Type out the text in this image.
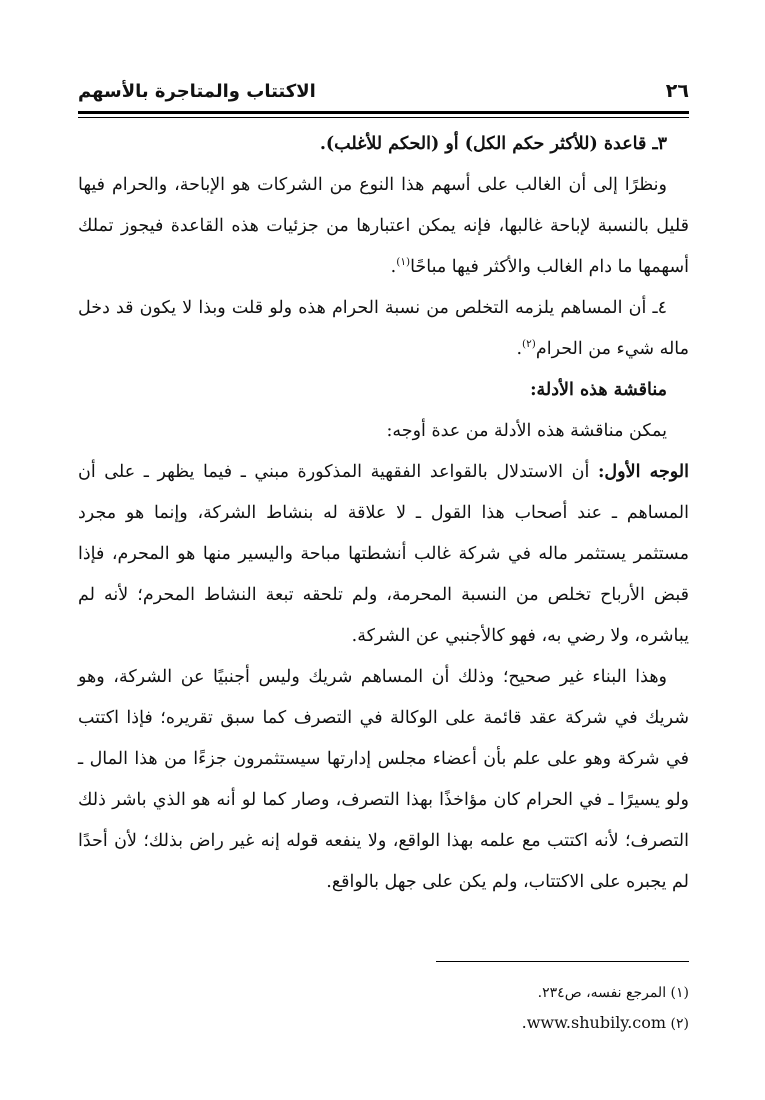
الاكتتاب والمتاجرة بالأسهم	٢٦

٣ـ قاعدة (للأكثر حكم الكل) أو (الحكم للأغلب).

ونظرًا إلى أن الغالب على أسهم هذا النوع من الشركات هو الإباحة، والحرام فيها قليل بالنسبة لإباحة غالبها، فإنه يمكن اعتبارها من جزئيات هذه القاعدة فيجوز تملك أسهمها ما دام الغالب والأكثر فيها مباحًا$^{(١)}$.

٤ـ أن المساهم يلزمه التخلص من نسبة الحرام هذه ولو قلت وبذا لا يكون قد دخل ماله شيء من الحرام$^{(٢)}$.

مناقشة هذه الأدلة:

يمكن مناقشة هذه الأدلة من عدة أوجه:

الوجه الأول: أن الاستدلال بالقواعد الفقهية المذكورة مبني ـ فيما يظهر ـ على أن المساهم ـ عند أصحاب هذا القول ـ لا علاقة له بنشاط الشركة، وإنما هو مجرد مستثمر يستثمر ماله في شركة غالب أنشطتها مباحة واليسير منها هو المحرم، فإذا قبض الأرباح تخلص من النسبة المحرمة، ولم تلحقه تبعة النشاط المحرم؛ لأنه لم يباشره، ولا رضي به، فهو كالأجنبي عن الشركة.

وهذا البناء غير صحيح؛ وذلك أن المساهم شريك وليس أجنبيًا عن الشركة، وهو شريك في شركة عقد قائمة على الوكالة في التصرف كما سبق تقريره؛ فإذا اكتتب في شركة وهو على علم بأن أعضاء مجلس إدارتها سيستثمرون جزءًا من هذا المال ـ ولو يسيرًا ـ في الحرام كان مؤاخذًا بهذا التصرف، وصار كما لو أنه هو الذي باشر ذلك التصرف؛ لأنه اكتتب مع علمه بهذا الواقع، ولا ينفعه قوله إنه غير راض بذلك؛ لأن أحدًا لم يجبره على الاكتتاب، ولم يكن على جهل بالواقع.

(١) المرجع نفسه، ص٢٣٤.

(٢) www.shubily.com.
